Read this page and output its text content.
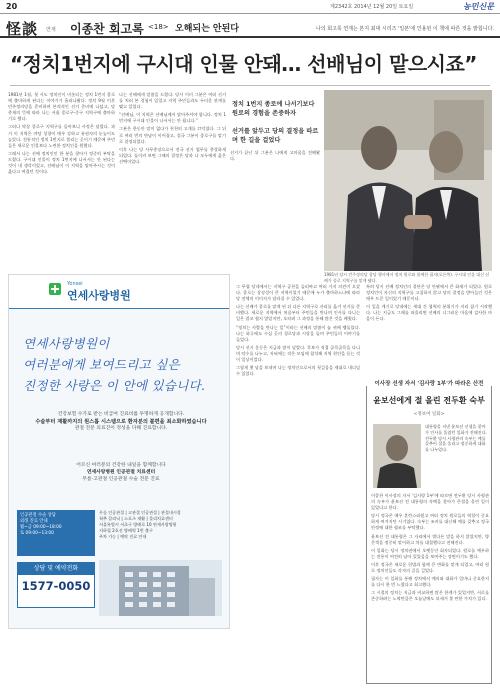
20	제2342호 2014년 12월 20일 토요일	농민신문
怪談 연재 이종찬 회고록 <18> 오해되는 안된다	나의 회고록 연재는 본지 최대 시리즈 '일본'에 인용된 이 책에 따른 것을 밝힙니다.
“정치1번지에 구시대 인물 안돼… 선배님이 맡으시죠”

1981년 1월, 첫 시도 정치인이 비롯되는 정치 1번지 종로에 출마하게 된다는 이야기가 흘러나왔다. 정치 9월 이후 민주정의당을 준비하며 본격적인 선거 준비에 나섰고, 당 총재의 뜻에 따라 나는 서울 종로구·중구 지역구에 출마하기로 했다.

그러나 막상 종로구 지역구를 돌아보니 사정은 달랐다. 과거 이 지역은 야당 성향이 매우 강하고 유권자의 눈높이도 높았다. 전통적인 정치 1번지로 불리는 곳이기 때문에 주민들은 새로운 인물보다 노련한 정치인을 원했다.

그래서 나는 선배 정치인인 한 분을 찾아가 정중히 부탁을 드렸다. 구시대 인물이 정치 1번지에 나서서는 안 된다는 것이 내 생각이었고, 선배님이 이 지역을 맡아주시는 것이 옳다고 여겼던 것이다.

나는 선배에게 말씀을 드렸다. 당시 이미 그분은 여러 선거를 치러 본 경험이 있었고 지역 주민들과도 두터운 관계를 맺고 있었다.

“선배님, 이 지역은 선배님께서 맡아주셔야 합니다. 정치 1번지에 구시대 인물이 나서서는 안 됩니다.”

그분은 한동안 말이 없다가 천천히 고개를 끄덕였다. 그 뒤로 여러 번의 만남이 이어졌고, 결국 그분이 종로구를 맡기로 결정되었다.

이후 나는 당 사무총장으로서 전국 선거 업무를 총괄하게 되었다. 돌이켜 보면 그때의 결정은 당과 나 모두에게 옳은 선택이었다.

정치 1번지 종로에 나서기보다 원로의 경험을 존중하자
선거를 앞두고 당의 결정을 따르며 한 길을 걸었다

선거가 끝난 뒤 그분은 나에게 고마움을 전해왔다.

1981년 당시 민주정의당 창당 행사에서 정치 원로와 함께한 필자(오른쪽). 구시대 인물 대신 선배가 종로 지역구를 맡게 됐다.
Yonsei
연세사랑병원
연세사랑병원이
여러분에게 보여드리고 싶은
진정한 사랑은 이 안에 있습니다.
건강보험 수가로 받는 비급여 진료비를 투명하게 공개합니다.
수술부터 재활까지의 원스톱 시스템으로 환자분의 불편을 최소화하였습니다
관절 전문 의료진이 정성을 다해 진료합니다.
어르신 여러분의 건강한 내일을 함께합니다
연세사랑병원 인공관절 치료센터
무릎·고관절 인공관절 수술 전문 진료
인공관절 수술 상담
외래 진료 안내
월~금 09:00~18:00
토 09:00~13:00
무릎 인공관절 | 고관절 인공관절 | 관절내시경
척추 클리닉 | 스포츠 재활 | 물리치료센터
서울특별시 서초구 방배로 10 연세사랑병원
지하철 2호선 방배역 1번 출구
주차 가능 | 예약 진료 안내
상담 및 예약전화
1577-0050

그 무렵 당내에서는 지역구 공천을 둘러싸고 여러 가지 의견이 오갔다. 종로는 상징성이 큰 지역이었기 때문에 누가 출마하느냐에 따라 당 전체의 이미지가 달라질 수 있었다.

나는 선배가 종로를 맡게 된 뒤 다른 지역구로 자리를 옮겨 선거를 준비했다. 새로운 지역에서 처음부터 주민들을 만나며 인사를 다니는 일은 결코 쉽지 않았지만, 오히려 그 과정을 통해 많은 것을 배웠다.

“정치는 사람을 만나는 일”이라는 선배의 말씀이 늘 귀에 맴돌았다. 나는 하루에도 수십 곳의 경로당과 시장을 돌며 주민들의 이야기를 들었다.

당시 선거 운동은 지금과 많이 달랐다. 후보가 직접 골목골목을 다니며 악수를 나누고, 저녁에는 작은 모임에 참석해 지역 현안을 듣는 것이 일상이었다.

그렇게 몇 달을 보내며 나는 정치인으로서의 첫걸음을 제대로 내디딜 수 있었다.

특히 당시 선배 정치인의 결단은 당 안팎에서 큰 화제가 되었다. 원로 정치인이 자신의 지역구를 고집하지 않고 당의 결정을 받아들인 것은 매우 드문 일이었기 때문이다.

이 일을 계기로 당내에는 세대 간 협력의 분위기가 자리 잡기 시작했다. 나는 지금도 그때를 떠올리면 선배의 너그러운 마음에 감사한 마음이 든다.

이사장 선생 자서 '김사랑 1부'가 따라온 산전
윤보선에게 절 올린 전두환 숙부
<정보여 일화>
대통령을 지낸 윤보선 선생을 찾아가 인사를 올렸던 일화가 전해진다. 전두환 당시 사령관의 숙부는 예를 갖추어 절을 올리고 정중하게 대화를 나누었다.

이종찬 이사장의 자서 '김사랑 1부'에 따르면 전두환 당시 사령관의 숙부가 윤보선 전 대통령의 자택을 찾아가 큰절을 올린 일이 있었다고 한다.

당시 정국은 매우 혼란스러웠고 여러 정치 원로들의 역할이 중요하게 여겨지던 시기였다. 숙부는 조카를 대신해 예를 갖추고 정국 안정에 대한 협조를 부탁했다.

윤보선 전 대통령은 그 자리에서 별다른 말을 하지 않았지만, 방문객을 정중히 맞이하고 차를 대접했다고 전해진다.

이 일화는 당시 정치권에서 오랫동안 회자되었다. 원로를 예우하는 전통이 여전히 남아 있었음을 보여주는 장면이기도 했다.

이후 정국은 새로운 헌법과 함께 큰 변화를 맞게 되었고, 여러 원로 정치인들도 각자의 길을 걸었다.

필자는 이 일화를 통해 정치에서 예의와 대화가 얼마나 중요한지를 다시 한 번 느꼈다고 회고했다.

그 시절의 정치는 지금과 비교하면 많은 한계가 있었지만, 서로를 존중하려는 노력만큼은 오늘날에도 되새겨 볼 만한 가치가 있다.
